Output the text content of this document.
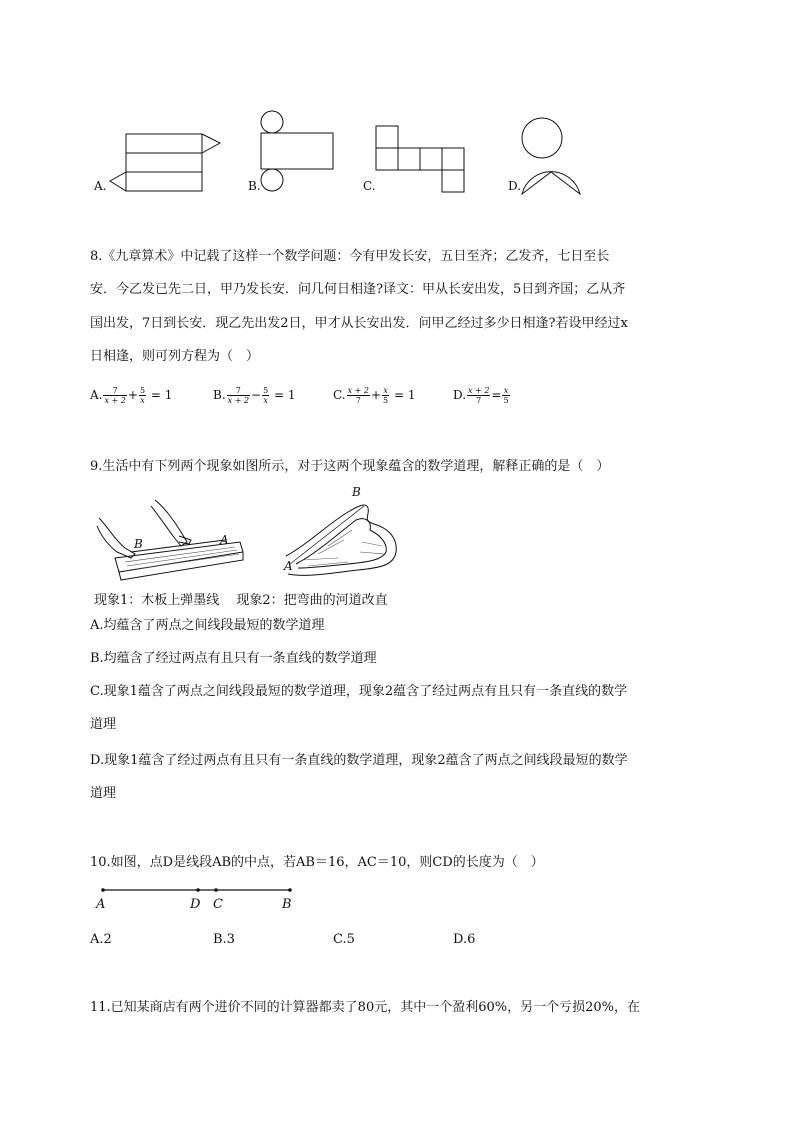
A.	B.	C.	D.
8.《九章算术》中记载了这样一个数学问题：今有甲发长安，五日至齐；乙发齐，七日至长
安．今乙发已先二日，甲乃发长安．问几何日相逢?译文：甲从长安出发，5日到齐国；乙从齐
国出发，7日到长安．现乙先出发2日，甲才从长安出发．问甲乙经过多少日相逢?若设甲经过x
日相逢，则可列方程为（　）
A. $\frac{7}{x + 2} + \frac{5}{x} = 1$	B. $\frac{7}{x + 2} - \frac{5}{x} = 1$	C. $\frac{x + 2}{7} + \frac{x}{5} = 1$	D. $\frac{x + 2}{7} = \frac{x}{5}$
9.生活中有下列两个现象如图所示，对于这两个现象蕴含的数学道理，解释正确的是（　）
B	A
B
A
现象1：木板上弹墨线　 现象2：把弯曲的河道改直
A.均蕴含了两点之间线段最短的数学道理
B.均蕴含了经过两点有且只有一条直线的数学道理
C.现象1蕴含了两点之间线段最短的数学道理，现象2蕴含了经过两点有且只有一条直线的数学
道理
D.现象1蕴含了经过两点有且只有一条直线的数学道理，现象2蕴含了两点之间线段最短的数学
道理
10.如图，点D是线段AB的中点，若AB＝16，AC＝10，则CD的长度为（　）
A	D C	B
A.2	B.3	C.5	D.6
11.已知某商店有两个进价不同的计算器都卖了80元，其中一个盈利60%，另一个亏损20%，在
